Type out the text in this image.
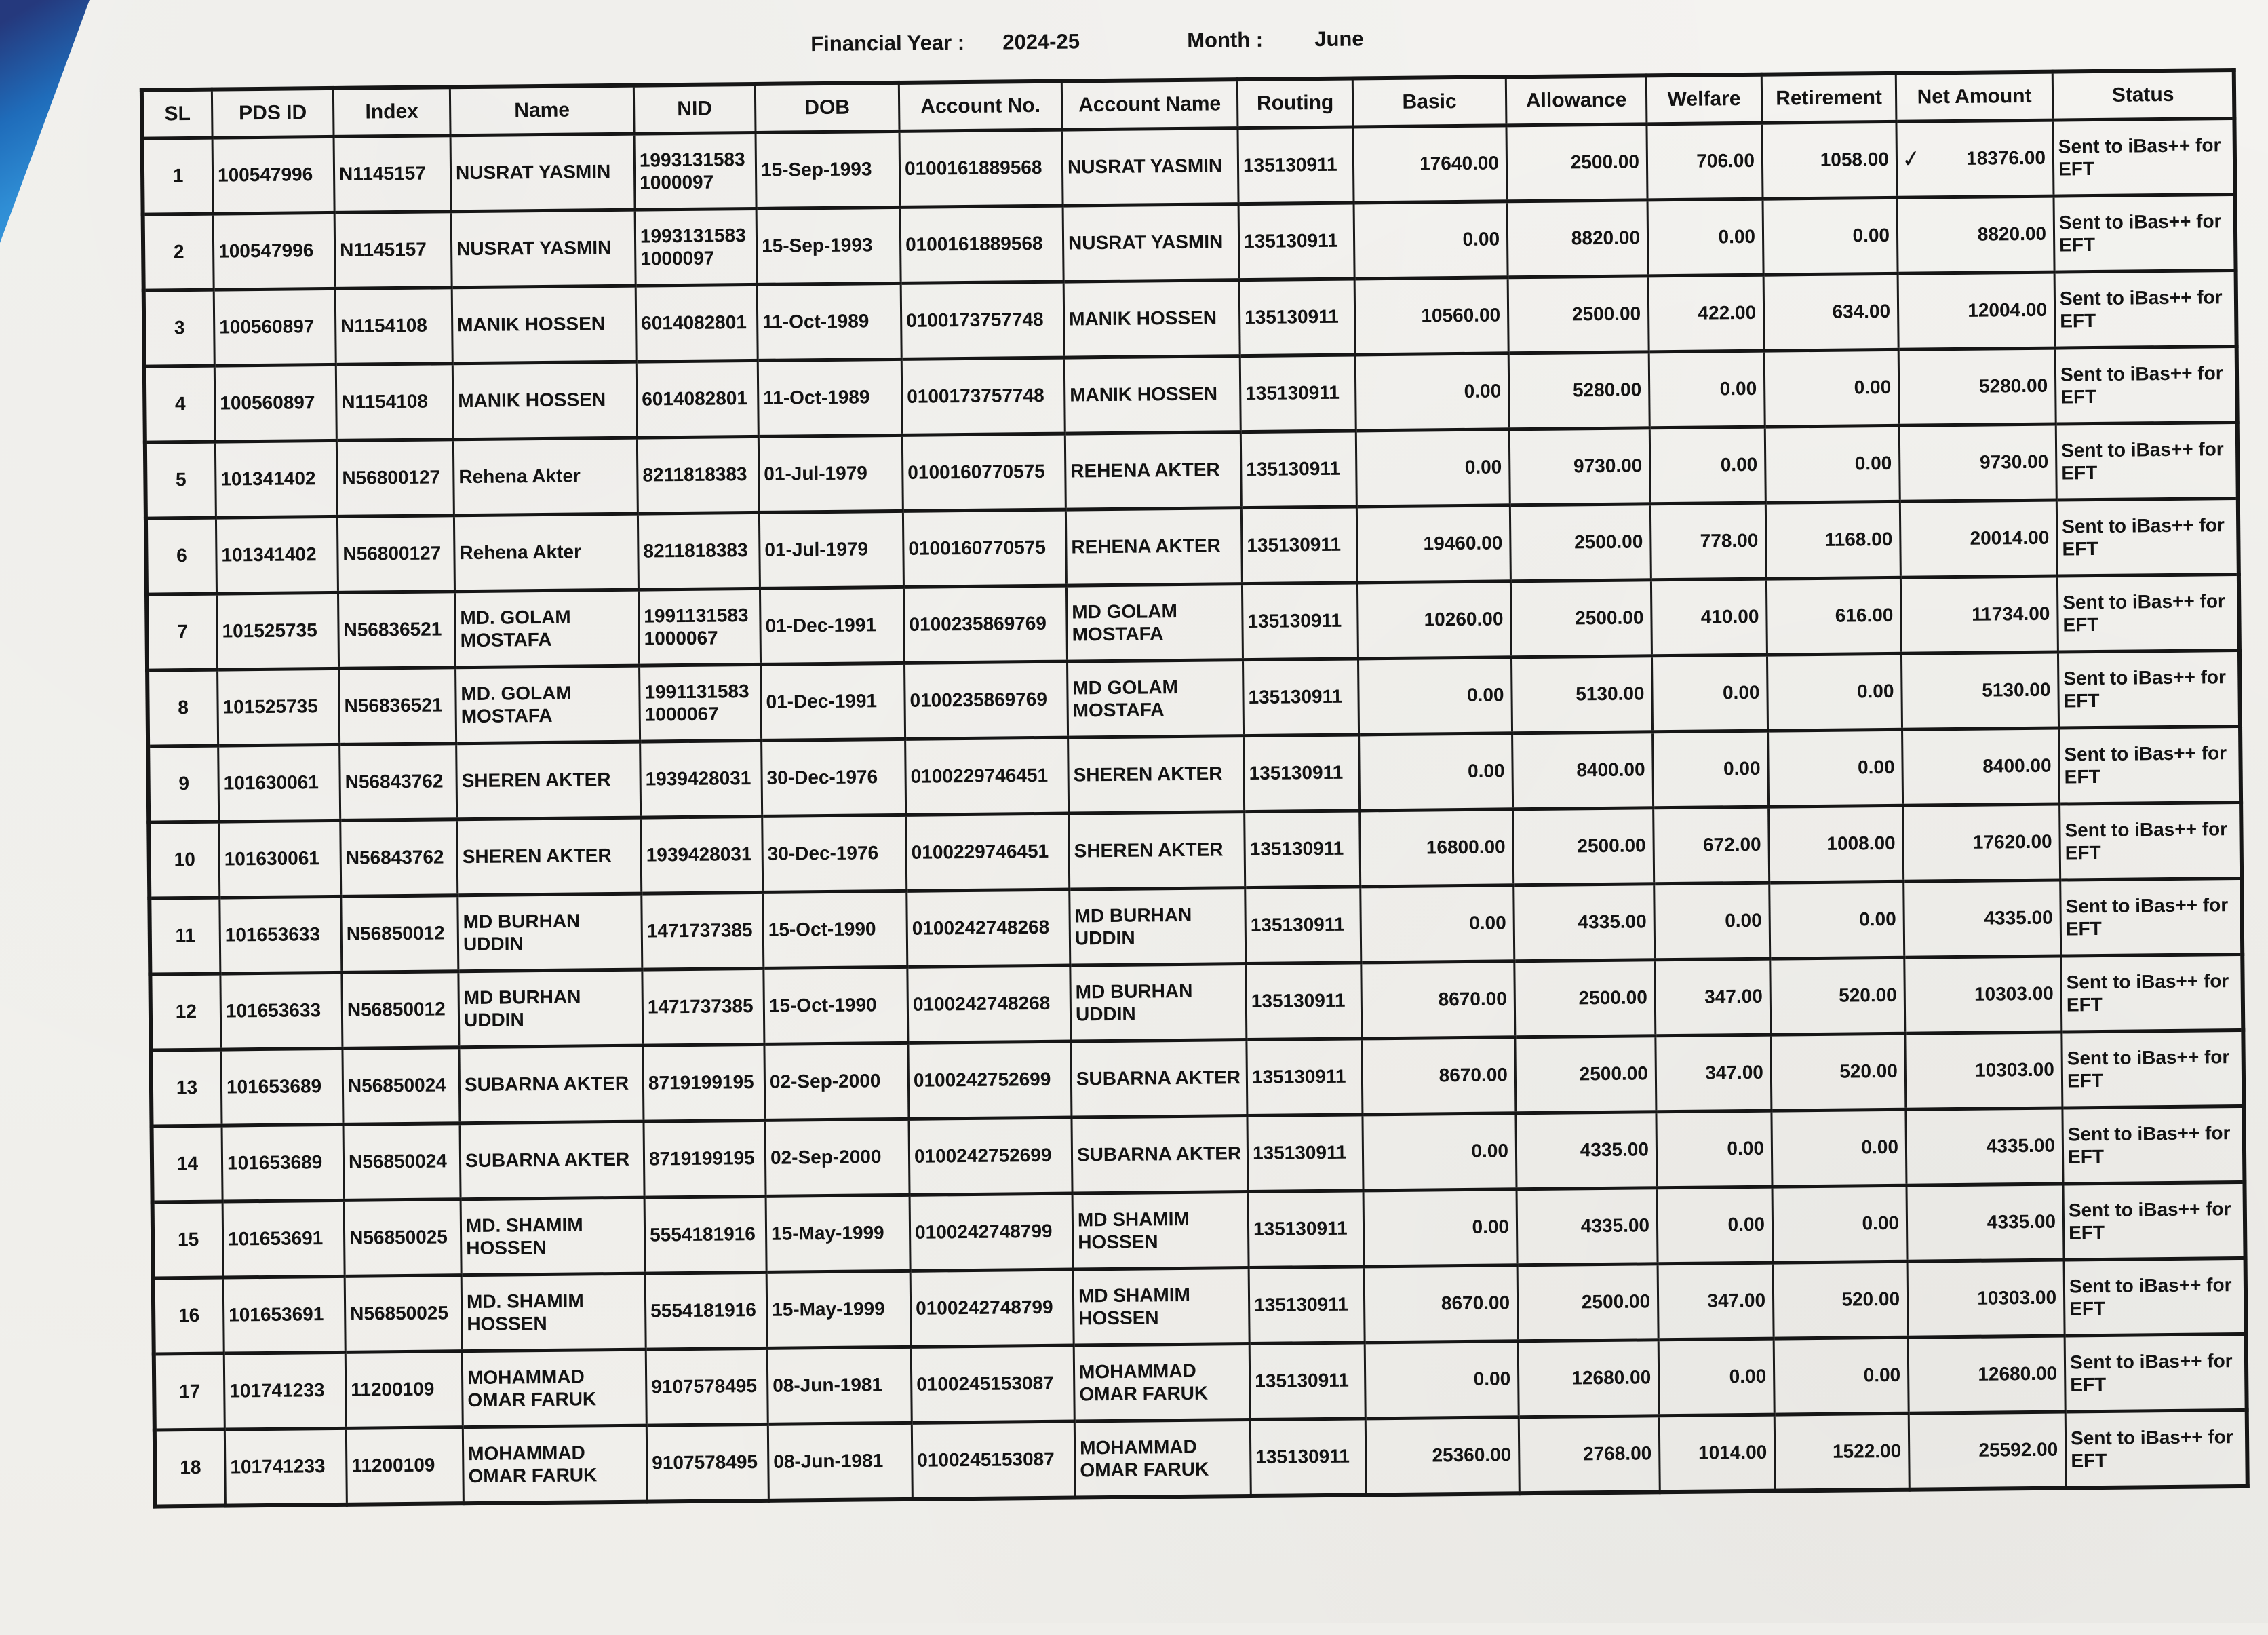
Financial Year : 2024-25	Month : June
SL	PDS ID	Index	Name	NID	DOB	Account No.	Account Name	Routing	Basic	Allowance	Welfare	Retirement	Net Amount	Status
1	100547996	N1145157	NUSRAT YASMIN	1993131583 1000097	15-Sep-1993	0100161889568	NUSRAT YASMIN	135130911	17640.00	2500.00	706.00	1058.00	✓ 18376.00	Sent to iBas++ for EFT
2	100547996	N1145157	NUSRAT YASMIN	1993131583 1000097	15-Sep-1993	0100161889568	NUSRAT YASMIN	135130911	0.00	8820.00	0.00	0.00	8820.00	Sent to iBas++ for EFT
3	100560897	N1154108	MANIK HOSSEN	6014082801	11-Oct-1989	0100173757748	MANIK HOSSEN	135130911	10560.00	2500.00	422.00	634.00	12004.00	Sent to iBas++ for EFT
4	100560897	N1154108	MANIK HOSSEN	6014082801	11-Oct-1989	0100173757748	MANIK HOSSEN	135130911	0.00	5280.00	0.00	0.00	5280.00	Sent to iBas++ for EFT
5	101341402	N56800127	Rehena Akter	8211818383	01-Jul-1979	0100160770575	REHENA AKTER	135130911	0.00	9730.00	0.00	0.00	9730.00	Sent to iBas++ for EFT
6	101341402	N56800127	Rehena Akter	8211818383	01-Jul-1979	0100160770575	REHENA AKTER	135130911	19460.00	2500.00	778.00	1168.00	20014.00	Sent to iBas++ for EFT
7	101525735	N56836521	MD. GOLAM MOSTAFA	1991131583 1000067	01-Dec-1991	0100235869769	MD GOLAM MOSTAFA	135130911	10260.00	2500.00	410.00	616.00	11734.00	Sent to iBas++ for EFT
8	101525735	N56836521	MD. GOLAM MOSTAFA	1991131583 1000067	01-Dec-1991	0100235869769	MD GOLAM MOSTAFA	135130911	0.00	5130.00	0.00	0.00	5130.00	Sent to iBas++ for EFT
9	101630061	N56843762	SHEREN AKTER	1939428031	30-Dec-1976	0100229746451	SHEREN AKTER	135130911	0.00	8400.00	0.00	0.00	8400.00	Sent to iBas++ for EFT
10	101630061	N56843762	SHEREN AKTER	1939428031	30-Dec-1976	0100229746451	SHEREN AKTER	135130911	16800.00	2500.00	672.00	1008.00	17620.00	Sent to iBas++ for EFT
11	101653633	N56850012	MD BURHAN UDDIN	1471737385	15-Oct-1990	0100242748268	MD BURHAN UDDIN	135130911	0.00	4335.00	0.00	0.00	4335.00	Sent to iBas++ for EFT
12	101653633	N56850012	MD BURHAN UDDIN	1471737385	15-Oct-1990	0100242748268	MD BURHAN UDDIN	135130911	8670.00	2500.00	347.00	520.00	10303.00	Sent to iBas++ for EFT
13	101653689	N56850024	SUBARNA AKTER	8719199195	02-Sep-2000	0100242752699	SUBARNA AKTER	135130911	8670.00	2500.00	347.00	520.00	10303.00	Sent to iBas++ for EFT
14	101653689	N56850024	SUBARNA AKTER	8719199195	02-Sep-2000	0100242752699	SUBARNA AKTER	135130911	0.00	4335.00	0.00	0.00	4335.00	Sent to iBas++ for EFT
15	101653691	N56850025	MD. SHAMIM HOSSEN	5554181916	15-May-1999	0100242748799	MD SHAMIM HOSSEN	135130911	0.00	4335.00	0.00	0.00	4335.00	Sent to iBas++ for EFT
16	101653691	N56850025	MD. SHAMIM HOSSEN	5554181916	15-May-1999	0100242748799	MD SHAMIM HOSSEN	135130911	8670.00	2500.00	347.00	520.00	10303.00	Sent to iBas++ for EFT
17	101741233	11200109	MOHAMMAD OMAR FARUK	9107578495	08-Jun-1981	0100245153087	MOHAMMAD OMAR FARUK	135130911	0.00	12680.00	0.00	0.00	12680.00	Sent to iBas++ for EFT
18	101741233	11200109	MOHAMMAD OMAR FARUK	9107578495	08-Jun-1981	0100245153087	MOHAMMAD OMAR FARUK	135130911	25360.00	2768.00	1014.00	1522.00	25592.00	Sent to iBas++ for EFT
